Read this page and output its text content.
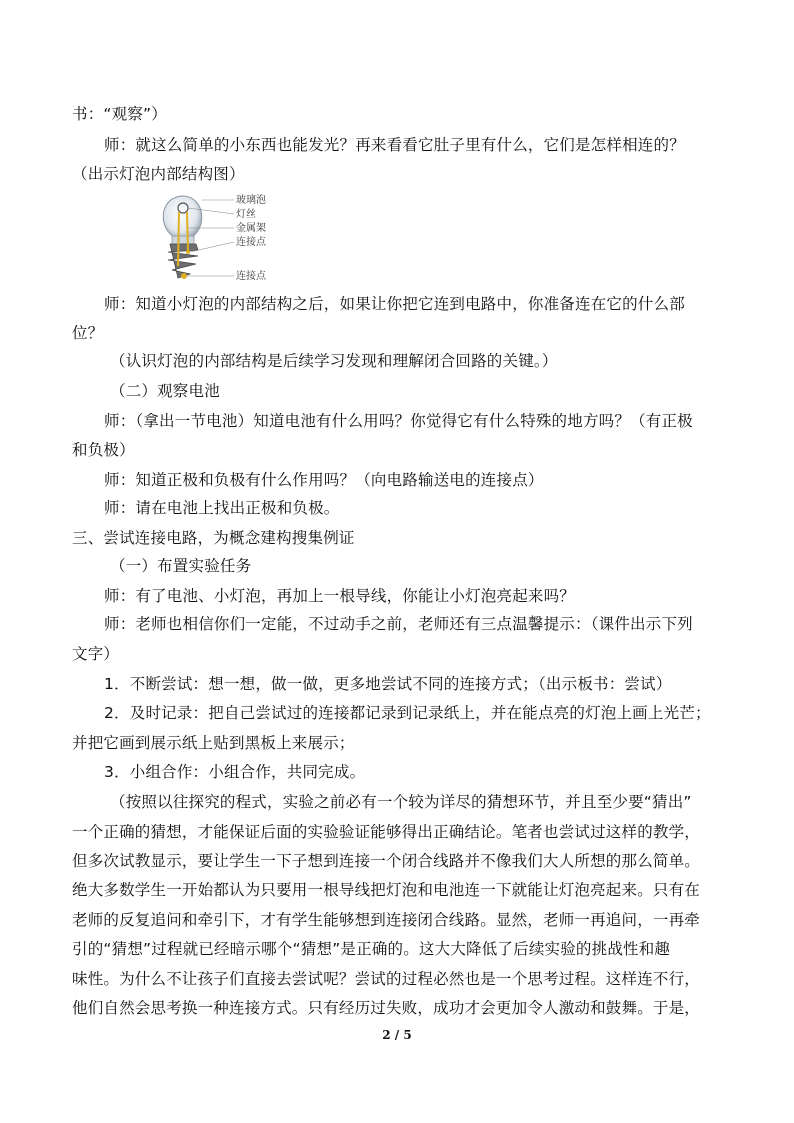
书：“观察”）
师：就这么简单的小东西也能发光？再来看看它肚子里有什么，它们是怎样相连的？
（出示灯泡内部结构图）
玻璃泡
灯丝
金属架
连接点
连接点
师：知道小灯泡的内部结构之后，如果让你把它连到电路中，你准备连在它的什么部
位？
（认识灯泡的内部结构是后续学习发现和理解闭合回路的关键。）
（二）观察电池
师：（拿出一节电池）知道电池有什么用吗？你觉得它有什么特殊的地方吗？（有正极
和负极）
师：知道正极和负极有什么作用吗？（向电路输送电的连接点）
师：请在电池上找出正极和负极。
三、尝试连接电路，为概念建构搜集例证
（一）布置实验任务
师：有了电池、小灯泡，再加上一根导线，你能让小灯泡亮起来吗？
师：老师也相信你们一定能，不过动手之前，老师还有三点温馨提示：（课件出示下列
文字）
1．不断尝试：想一想，做一做，更多地尝试不同的连接方式；（出示板书：尝试）
2．及时记录：把自己尝试过的连接都记录到记录纸上，并在能点亮的灯泡上画上光芒；
并把它画到展示纸上贴到黑板上来展示；
3．小组合作：小组合作，共同完成。
（按照以往探究的程式，实验之前必有一个较为详尽的猜想环节，并且至少要“猜出”
一个正确的猜想，才能保证后面的实验验证能够得出正确结论。笔者也尝试过这样的教学，
但多次试教显示，要让学生一下子想到连接一个闭合线路并不像我们大人所想的那么简单。
绝大多数学生一开始都认为只要用一根导线把灯泡和电池连一下就能让灯泡亮起来。只有在
老师的反复追问和牵引下，才有学生能够想到连接闭合线路。显然，老师一再追问，一再牵
引的“猜想”过程就已经暗示哪个“猜想”是正确的。这大大降低了后续实验的挑战性和趣
味性。为什么不让孩子们直接去尝试呢？尝试的过程必然也是一个思考过程。这样连不行，
他们自然会思考换一种连接方式。只有经历过失败，成功才会更加令人激动和鼓舞。于是，
2 / 5
